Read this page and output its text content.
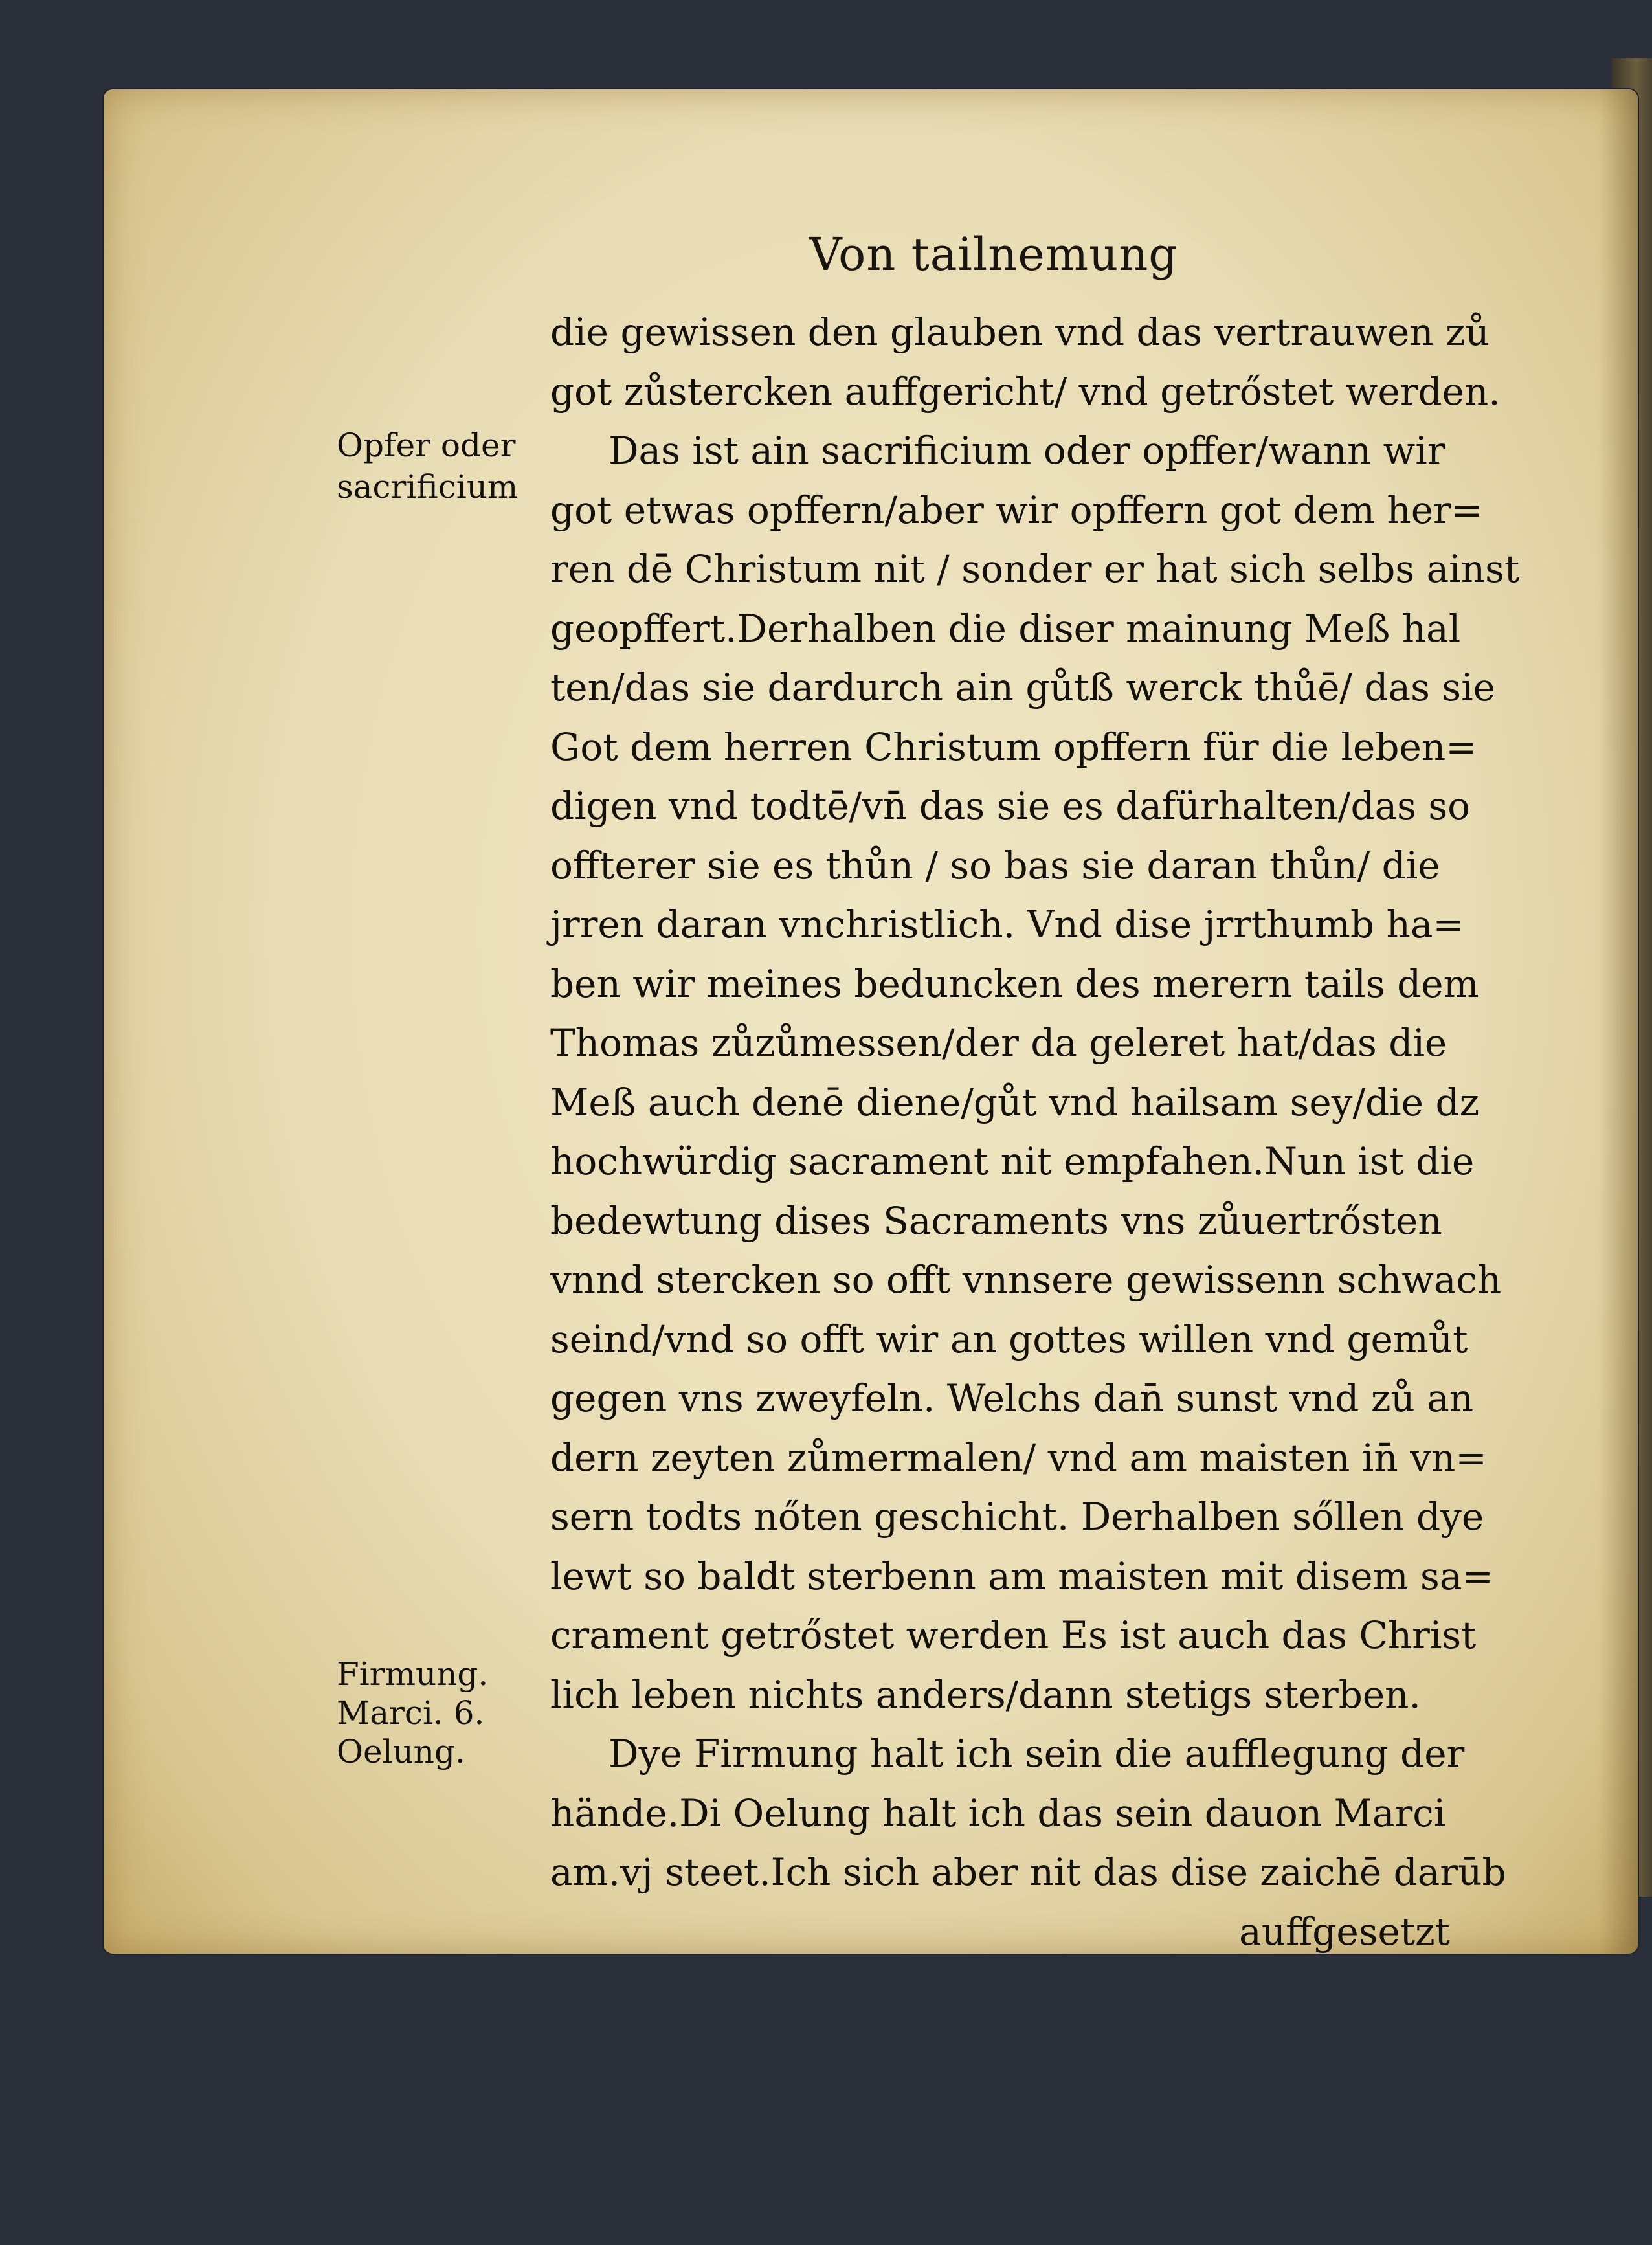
Von tailnemung
Opfer oder
sacrificium
Firmung.
Marci. 6.
Oelung.
die gewissen den glauben vnd das vertrauwen zů
got zůstercken auffgericht/ vnd getrőstet werden.
Das ist ain sacrificium oder opffer/wann wir
got etwas opffern/aber wir opffern got dem her=
ren dē Christum nit / sonder er hat sich selbs ainst
geopffert.Derhalben die diser mainung Meß hal
ten/das sie dardurch ain gůtß werck thůē/ das sie
Got dem herren Christum opffern für die leben=
digen vnd todtē/vn̄ das sie es dafürhalten/das so
offterer sie es thůn / so bas sie daran thůn/ die
jrren daran vnchristlich. Vnd dise jrrthumb ha=
ben wir meines beduncken des merern tails dem
Thomas zůzůmessen/der da geleret hat/das die
Meß auch denē diene/gůt vnd hailsam sey/die dz
hochwürdig sacrament nit empfahen.Nun ist die
bedewtung dises Sacraments vns zůuertrősten
vnnd stercken so offt vnnsere gewissenn schwach
seind/vnd so offt wir an gottes willen vnd gemůt
gegen vns zweyfeln. Welchs dan̄ sunst vnd zů an
dern zeyten zůmermalen/ vnd am maisten in̄ vn=
sern todts nőten geschicht. Derhalben sőllen dye
lewt so baldt sterbenn am maisten mit disem sa=
crament getrőstet werden Es ist auch das Christ
lich leben nichts anders/dann stetigs sterben.
Dye Firmung halt ich sein die aufflegung der
hände.Di Oelung halt ich das sein dauon Marci
am.vj steet.Ich sich aber nit das dise zaichē darūb
auffgesetzt
